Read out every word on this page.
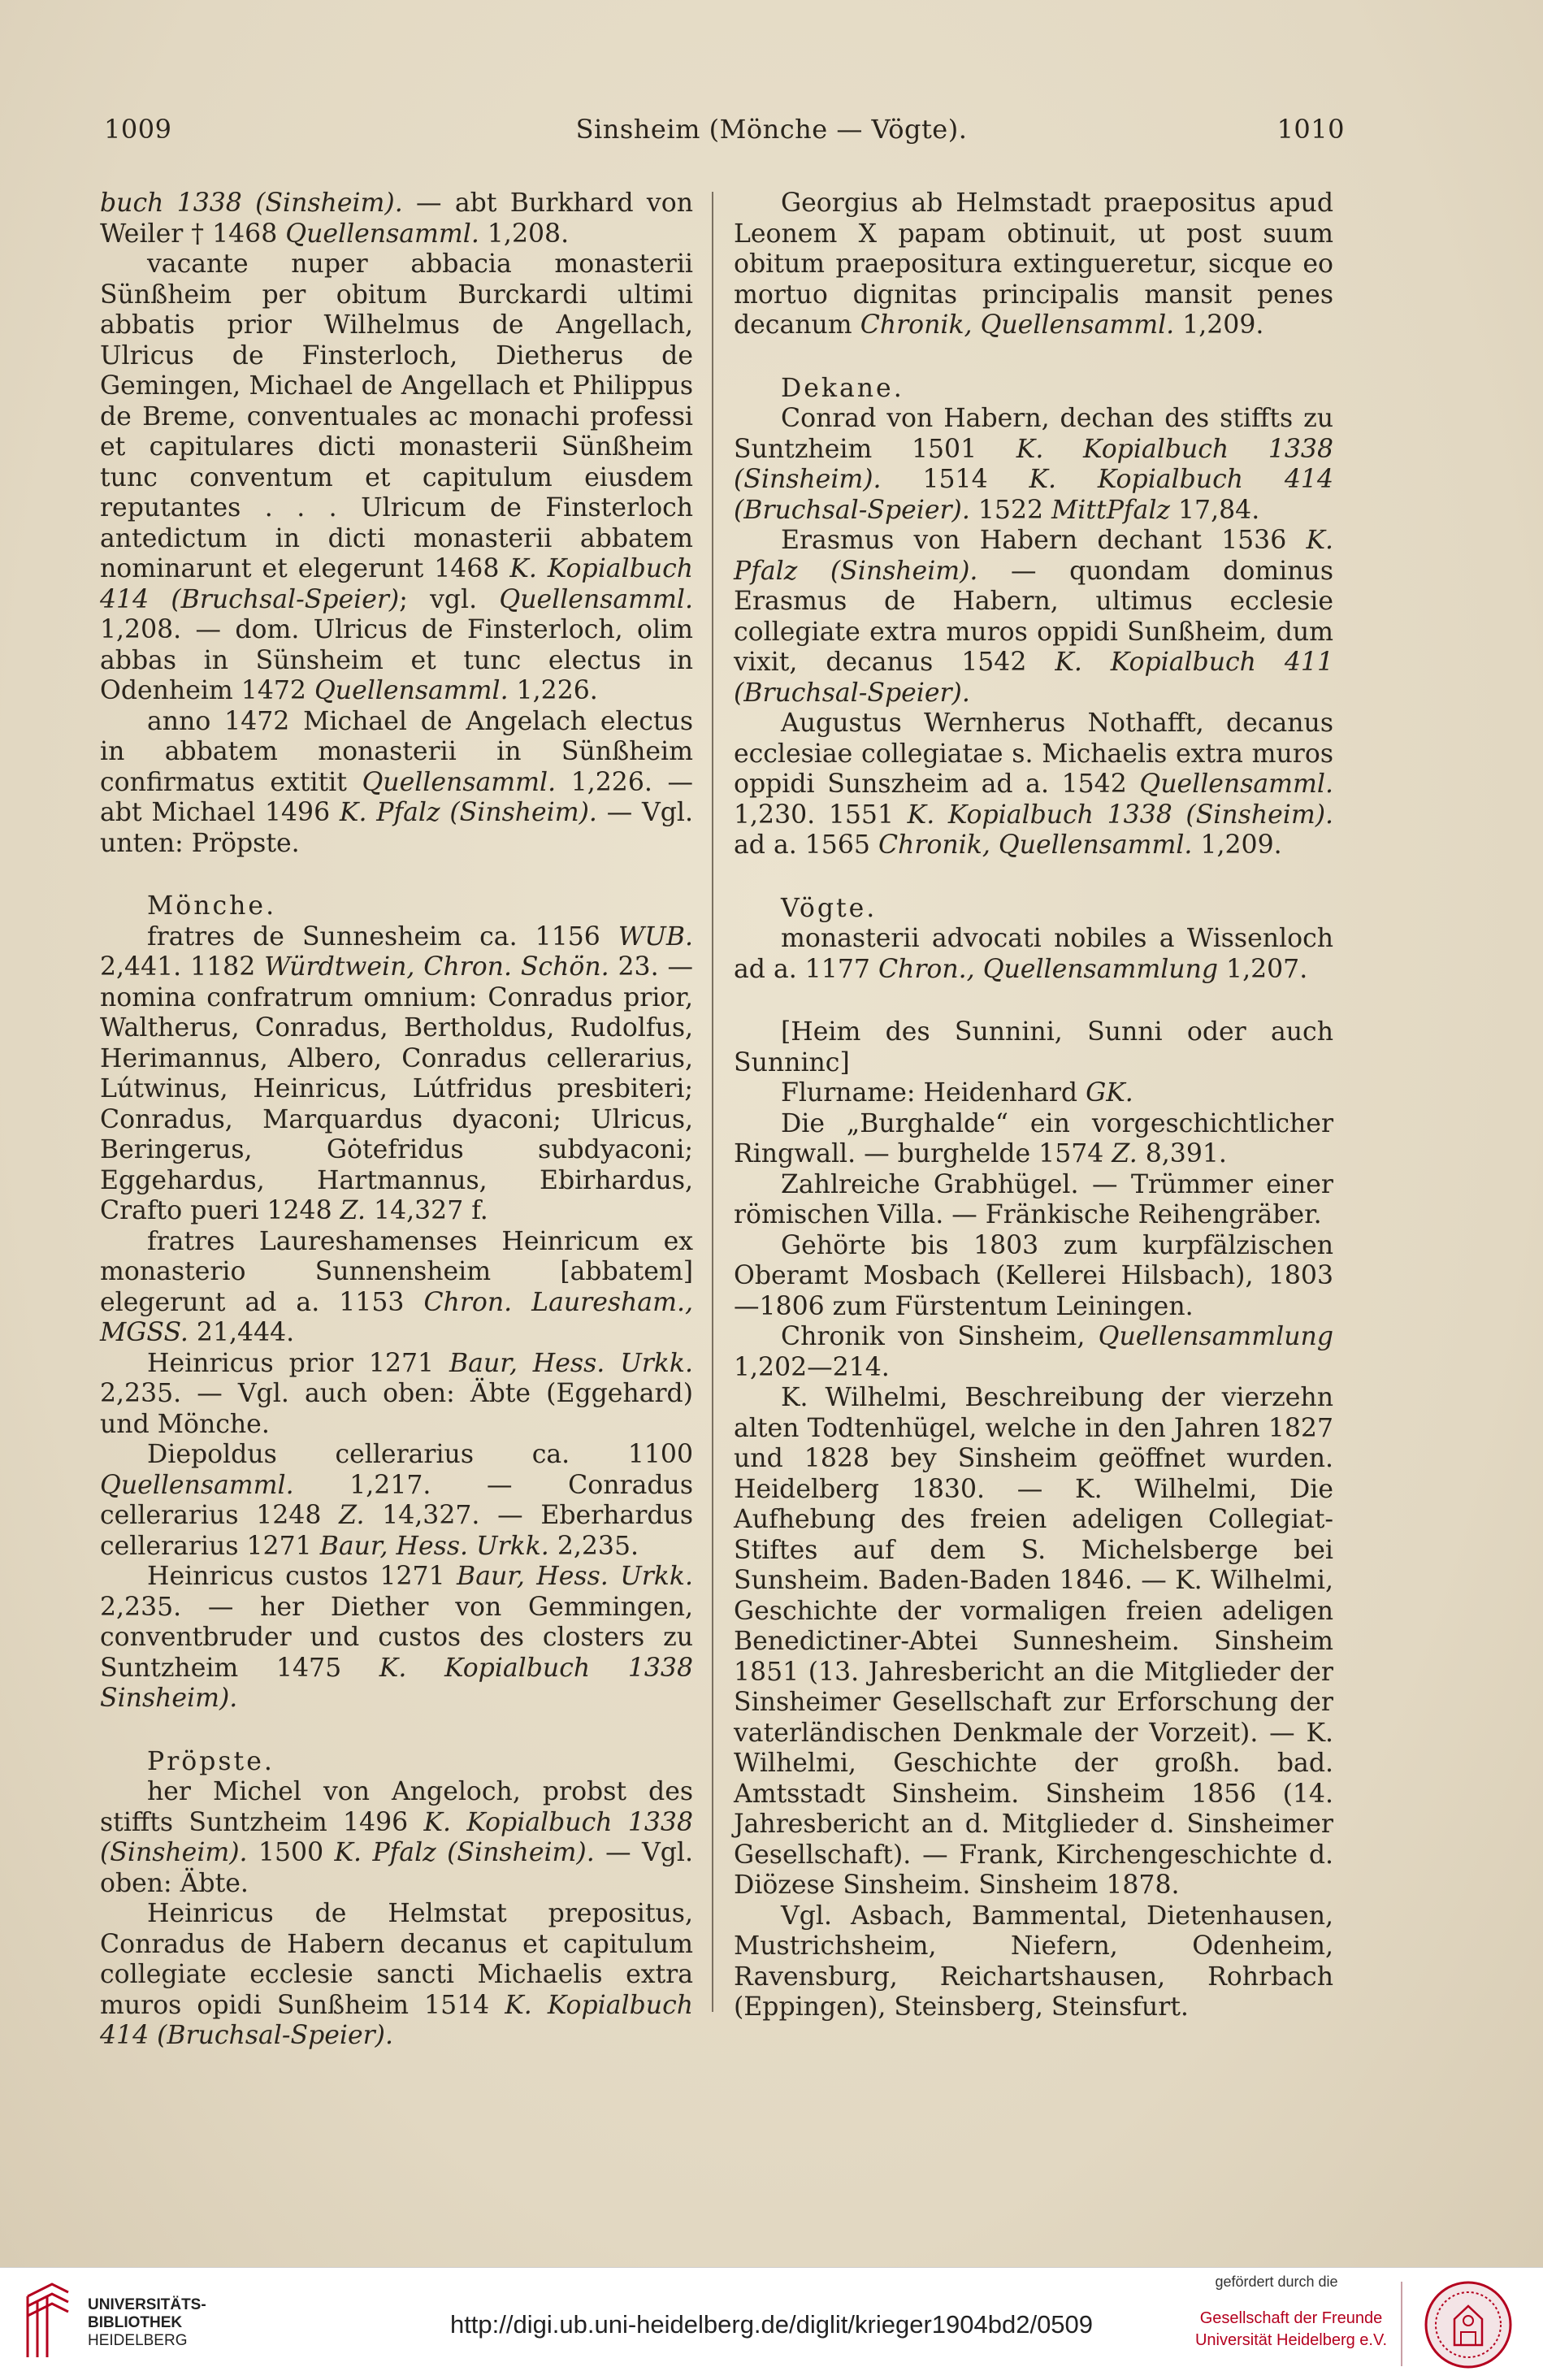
Sinsheim (Mönche — Vögte).
1009	1010

buch 1338 (Sinsheim). — abt Burkhard von Weiler † 1468 Quellensamml. 1,208.

vacante nuper abbacia monasterii Sünßheim per obitum Burckardi ultimi abbatis prior Wilhelmus de Angellach, Ulricus de Finsterloch, Dietherus de Gemingen, Michael de Angellach et Philippus de Breme, conventuales ac monachi professi et capitulares dicti monasterii Sünßheim tunc conventum et capitulum eiusdem reputantes . . . Ulricum de Finsterloch antedictum in dicti monasterii abbatem nominarunt et elegerunt 1468 K. Kopialbuch 414 (Bruchsal-Speier); vgl. Quellensamml. 1,208. — dom. Ulricus de Finsterloch, olim abbas in Sünsheim et tunc electus in Odenheim 1472 Quellensamml. 1,226.

anno 1472 Michael de Angelach electus in abbatem monasterii in Sünßheim confirmatus extitit Quellensamml. 1,226. — abt Michael 1496 K. Pfalz (Sinsheim). — Vgl. unten: Pröpste.

Mönche.

fratres de Sunnesheim ca. 1156 WUB. 2,441. 1182 Würdtwein, Chron. Schön. 23. — nomina confratrum omnium: Conradus prior, Waltherus, Conradus, Bertholdus, Rudolfus, Herimannus, Albero, Conradus cellerarius, Lútwinus, Heinricus, Lútfridus presbiteri; Conradus, Marquardus dyaconi; Ulricus, Beringerus, Gȯtefridus subdyaconi; Eggehardus, Hartmannus, Ebirhardus, Crafto pueri 1248 Z. 14,327 f.

fratres Laureshamenses Heinricum ex monasterio Sunnensheim [abbatem] elegerunt ad a. 1153 Chron. Lauresham., MGSS. 21,444.

Heinricus prior 1271 Baur, Hess. Urkk. 2,235. — Vgl. auch oben: Äbte (Eggehard) und Mönche.

Diepoldus cellerarius ca. 1100 Quellensamml. 1,217. — Conradus cellerarius 1248 Z. 14,327. — Eberhardus cellerarius 1271 Baur, Hess. Urkk. 2,235.

Heinricus custos 1271 Baur, Hess. Urkk. 2,235. — her Diether von Gemmingen, conventbruder und custos des closters zu Suntzheim 1475 K. Kopialbuch 1338 Sinsheim).

Pröpste.

her Michel von Angeloch, probst des stiffts Suntzheim 1496 K. Kopialbuch 1338 (Sinsheim). 1500 K. Pfalz (Sinsheim). — Vgl. oben: Äbte.

Heinricus de Helmstat prepositus, Conradus de Habern decanus et capitulum collegiate ecclesie sancti Michaelis extra muros opidi Sunßheim 1514 K. Kopialbuch 414 (Bruchsal-Speier).

Georgius ab Helmstadt praepositus apud Leonem X papam obtinuit, ut post suum obitum praepositura extingueretur, sicque eo mortuo dignitas principalis mansit penes decanum Chronik, Quellensamml. 1,209.

Dekane.

Conrad von Habern, dechan des stiffts zu Suntzheim 1501 K. Kopialbuch 1338 (Sinsheim). 1514 K. Kopialbuch 414 (Bruchsal-Speier). 1522 MittPfalz 17,84.

Erasmus von Habern dechant 1536 K. Pfalz (Sinsheim). — quondam dominus Erasmus de Habern, ultimus ecclesie collegiate extra muros oppidi Sunßheim, dum vixit, decanus 1542 K. Kopialbuch 411 (Bruchsal-Speier).

Augustus Wernherus Nothafft, decanus ecclesiae collegiatae s. Michaelis extra muros oppidi Sunszheim ad a. 1542 Quellensamml. 1,230. 1551 K. Kopialbuch 1338 (Sinsheim). ad a. 1565 Chronik, Quellensamml. 1,209.

Vögte.

monasterii advocati nobiles a Wissenloch ad a. 1177 Chron., Quellensammlung 1,207.

[Heim des Sunnini, Sunni oder auch Sunninc]

Flurname: Heidenhard GK.

Die „Burghalde“ ein vorgeschichtlicher Ringwall. — burghelde 1574 Z. 8,391.

Zahlreiche Grabhügel. — Trümmer einer römischen Villa. — Fränkische Reihengräber.

Gehörte bis 1803 zum kurpfälzischen Oberamt Mosbach (Kellerei Hilsbach), 1803 —1806 zum Fürstentum Leiningen.

Chronik von Sinsheim, Quellensammlung 1,202—214.

K. Wilhelmi, Beschreibung der vierzehn alten Todtenhügel, welche in den Jahren 1827 und 1828 bey Sinsheim geöffnet wurden. Heidelberg 1830. — K. Wilhelmi, Die Aufhebung des freien adeligen Collegiat-Stiftes auf dem S. Michelsberge bei Sunsheim. Baden-Baden 1846. — K. Wilhelmi, Geschichte der vormaligen freien adeligen Benedictiner-Abtei Sunnesheim. Sinsheim 1851 (13. Jahresbericht an die Mitglieder der Sinsheimer Gesellschaft zur Erforschung der vaterländischen Denkmale der Vorzeit). — K. Wilhelmi, Geschichte der großh. bad. Amtsstadt Sinsheim. Sinsheim 1856 (14. Jahresbericht an d. Mitglieder d. Sinsheimer Gesellschaft). — Frank, Kirchengeschichte d. Diözese Sinsheim. Sinsheim 1878.

Vgl. Asbach, Bammental, Dietenhausen, Mustrichsheim, Niefern, Odenheim, Ravensburg, Reichartshausen, Rohrbach (Eppingen), Steinsberg, Steinsfurt.

UNIVERSITÄTS-
BIBLIOTHEK
HEIDELBERG
http://digi.ub.uni-heidelberg.de/diglit/krieger1904bd2/0509
gefördert durch die
Gesellschaft der Freunde
Universität Heidelberg e.V.
